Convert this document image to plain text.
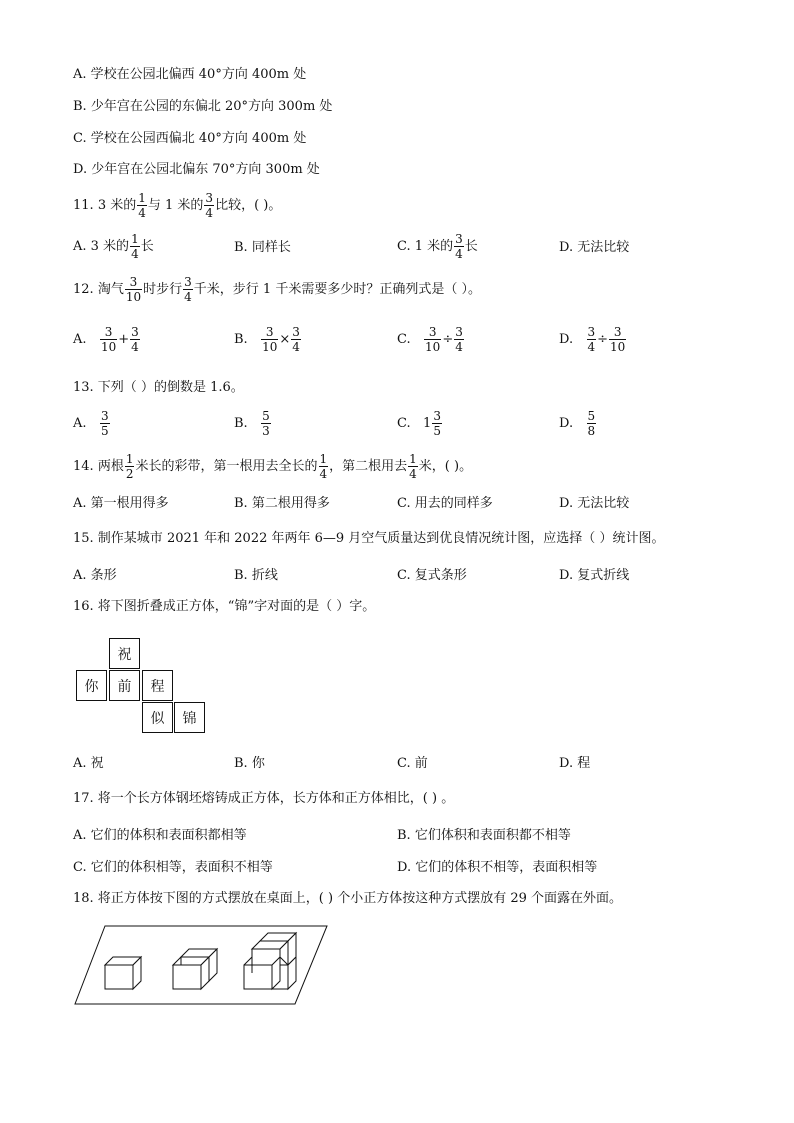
A. 学校在公园北偏西 40°方向 400m 处
B. 少年宫在公园的东偏北 20°方向 300m 处
C. 学校在公园西偏北 40°方向 400m 处
D. 少年宫在公园北偏东 70°方向 300m 处
11. 3 米的 $\frac{1}{4}$ 与 1 米的 $\frac{3}{4}$ 比较，( )。
A. 3 米的 $\frac{1}{4}$ 长	B. 同样长	C. 1 米的 $\frac{3}{4}$ 长	D. 无法比较
12. 淘气 $\frac{3}{10}$ 时步行 $\frac{3}{4}$ 千米，步行 1 千米需要多少时？正确列式是（ ）。
A. $\frac{3}{10} + \frac{3}{4}$	B. $\frac{3}{10} \times \frac{3}{4}$	C. $\frac{3}{10} \div \frac{3}{4}$	D. $\frac{3}{4} \div \frac{3}{10}$
13. 下列（ ）的倒数是 1.6。
A. $\frac{3}{5}$	B. $\frac{5}{3}$	C. $1 \frac{3}{5}$	D. $\frac{5}{8}$
14. 两根 $\frac{1}{2}$ 米长的彩带，第一根用去全长的 $\frac{1}{4}$ ，第二根用去 $\frac{1}{4}$ 米，( )。
A. 第一根用得多	B. 第二根用得多	C. 用去的同样多	D. 无法比较
15. 制作某城市 2021 年和 2022 年两年 6—9 月空气质量达到优良情况统计图，应选择（ ）统计图。
A. 条形	B. 折线	C. 复式条形	D. 复式折线
16. 将下图折叠成正方体，“锦”字对面的是（ ）字。
祝
你	前	程
似	锦
A. 祝	B. 你	C. 前	D. 程
17. 将一个长方体钢坯熔铸成正方体，长方体和正方体相比，( ) 。
A. 它们的体积和表面积都相等	B. 它们体积和表面积都不相等
C. 它们的体积相等，表面积不相等	D. 它们的体积不相等，表面积相等
18. 将正方体按下图的方式摆放在桌面上，( ) 个小正方体按这种方式摆放有 29 个面露在外面。
